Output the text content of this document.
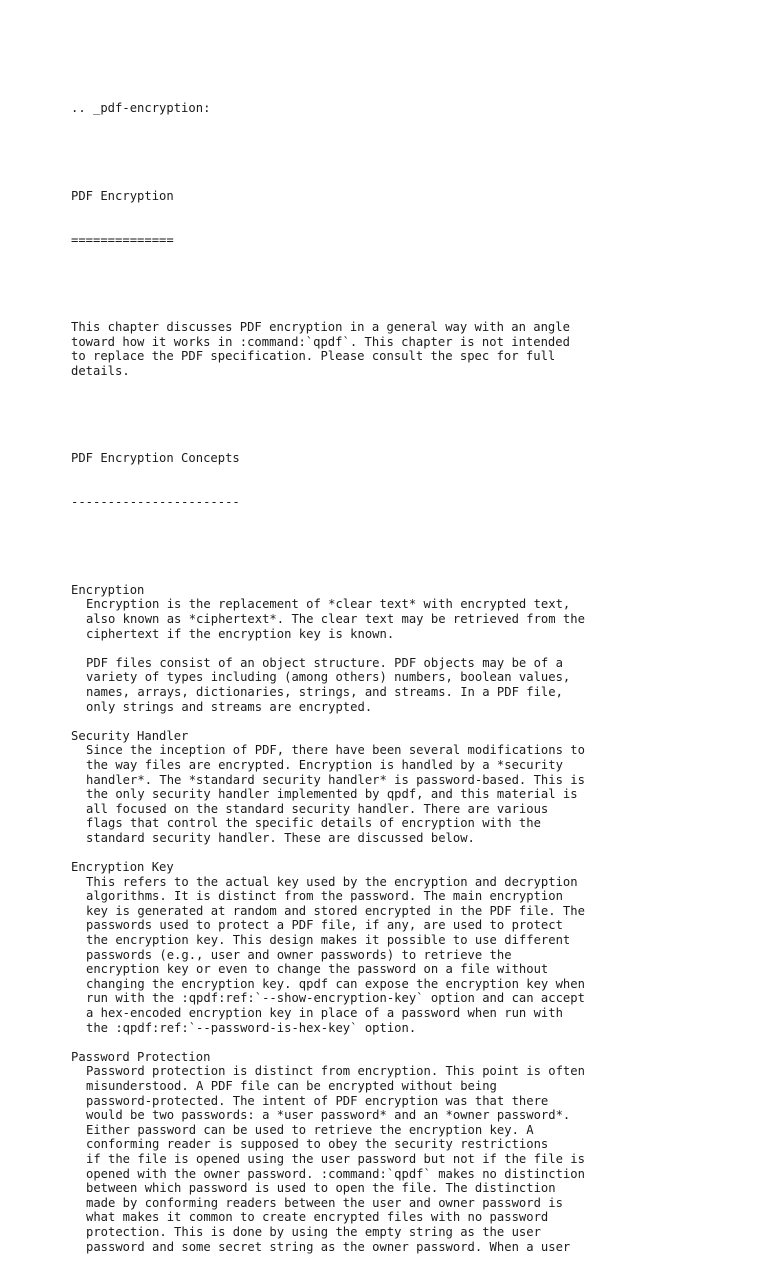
.. _pdf-encryption:

PDF Encryption

==============

This chapter discusses PDF encryption in a general way with an angle
toward how it works in :command:`qpdf`. This chapter is not intended
to replace the PDF specification. Please consult the spec for full
details.

PDF Encryption Concepts

-----------------------

Encryption
Encryption is the replacement of *clear text* with encrypted text,
also known as *ciphertext*. The clear text may be retrieved from the
ciphertext if the encryption key is known.
PDF files consist of an object structure. PDF objects may be of a
variety of types including (among others) numbers, boolean values,
names, arrays, dictionaries, strings, and streams. In a PDF file,
only strings and streams are encrypted.
Security Handler
Since the inception of PDF, there have been several modifications to
the way files are encrypted. Encryption is handled by a *security
handler*. The *standard security handler* is password-based. This is
the only security handler implemented by qpdf, and this material is
all focused on the standard security handler. There are various
flags that control the specific details of encryption with the
standard security handler. These are discussed below.
Encryption Key
This refers to the actual key used by the encryption and decryption
algorithms. It is distinct from the password. The main encryption
key is generated at random and stored encrypted in the PDF file. The
passwords used to protect a PDF file, if any, are used to protect
the encryption key. This design makes it possible to use different
passwords (e.g., user and owner passwords) to retrieve the
encryption key or even to change the password on a file without
changing the encryption key. qpdf can expose the encryption key when
run with the :qpdf:ref:`--show-encryption-key` option and can accept
a hex-encoded encryption key in place of a password when run with
the :qpdf:ref:`--password-is-hex-key` option.
Password Protection
Password protection is distinct from encryption. This point is often
misunderstood. A PDF file can be encrypted without being
password-protected. The intent of PDF encryption was that there
would be two passwords: a *user password* and an *owner password*.
Either password can be used to retrieve the encryption key. A
conforming reader is supposed to obey the security restrictions
if the file is opened using the user password but not if the file is
opened with the owner password. :command:`qpdf` makes no distinction
between which password is used to open the file. The distinction
made by conforming readers between the user and owner password is
what makes it common to create encrypted files with no password
protection. This is done by using the empty string as the user
password and some secret string as the owner password. When a user
